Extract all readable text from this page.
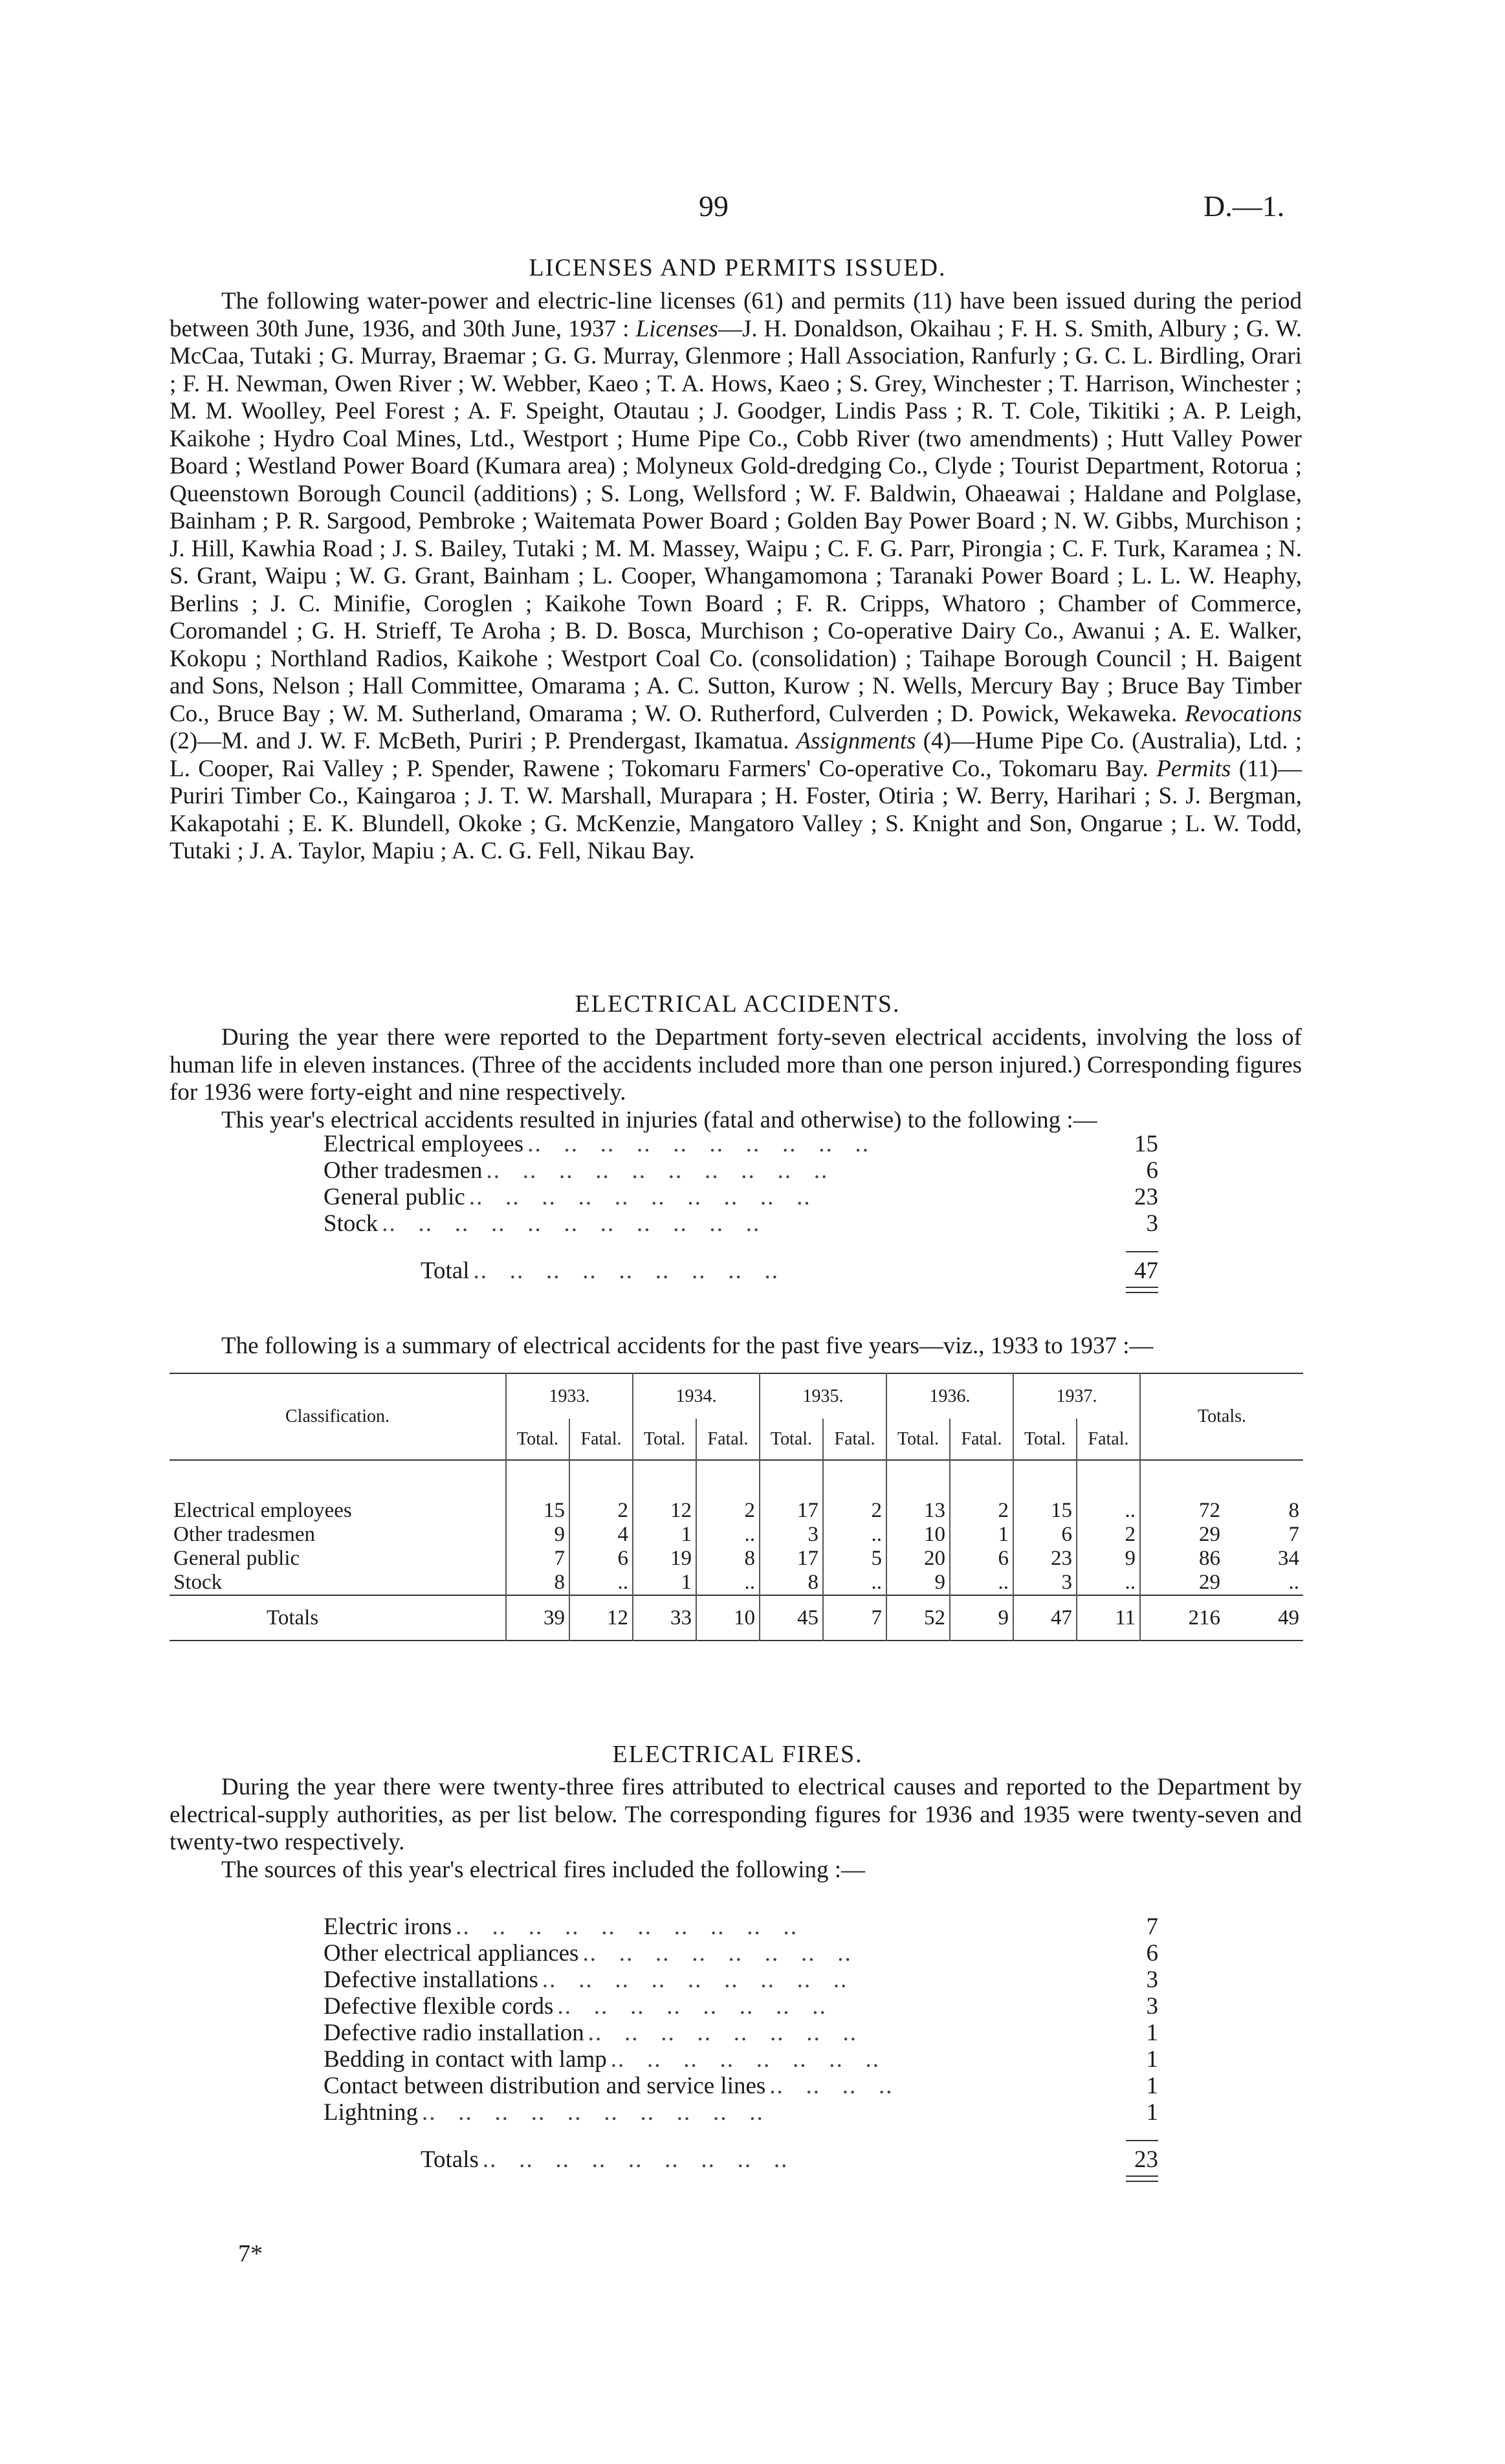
99	D.—1.
LICENSES AND PERMITS ISSUED.

The following water-power and electric-line licenses (61) and permits (11) have been issued during the period between 30th June, 1936, and 30th June, 1937 : Licenses—J. H. Donaldson, Okaihau ; F. H. S. Smith, Albury ; G. W. McCaa, Tutaki ; G. Murray, Braemar ; G. G. Murray, Glenmore ; Hall Association, Ranfurly ; G. C. L. Birdling, Orari ; F. H. Newman, Owen River ; W. Webber, Kaeo ; T. A. Hows, Kaeo ; S. Grey, Winchester ; T. Harrison, Winchester ; M. M. Woolley, Peel Forest ; A. F. Speight, Otautau ; J. Goodger, Lindis Pass ; R. T. Cole, Tikitiki ; A. P. Leigh, Kaikohe ; Hydro Coal Mines, Ltd., Westport ; Hume Pipe Co., Cobb River (two amendments) ; Hutt Valley Power Board ; Westland Power Board (Kumara area) ; Molyneux Gold-dredging Co., Clyde ; Tourist Department, Rotorua ; Queenstown Borough Council (additions) ; S. Long, Wellsford ; W. F. Baldwin, Ohaeawai ; Haldane and Polglase, Bainham ; P. R. Sargood, Pembroke ; Waitemata Power Board ; Golden Bay Power Board ; N. W. Gibbs, Murchison ; J. Hill, Kawhia Road ; J. S. Bailey, Tutaki ; M. M. Massey, Waipu ; C. F. G. Parr, Pirongia ; C. F. Turk, Karamea ; N. S. Grant, Waipu ; W. G. Grant, Bainham ; L. Cooper, Whangamomona ; Taranaki Power Board ; L. L. W. Heaphy, Berlins ; J. C. Minifie, Coroglen ; Kaikohe Town Board ; F. R. Cripps, Whatoro ; Chamber of Commerce, Coromandel ; G. H. Strieff, Te Aroha ; B. D. Bosca, Murchison ; Co-operative Dairy Co., Awanui ; A. E. Walker, Kokopu ; Northland Radios, Kaikohe ; Westport Coal Co. (consolidation) ; Taihape Borough Council ; H. Baigent and Sons, Nelson ; Hall Committee, Omarama ; A. C. Sutton, Kurow ; N. Wells, Mercury Bay ; Bruce Bay Timber Co., Bruce Bay ; W. M. Sutherland, Omarama ; W. O. Rutherford, Culverden ; D. Powick, Wekaweka. Revocations (2)—M. and J. W. F. McBeth, Puriri ; P. Prendergast, Ikamatua. Assignments (4)—Hume Pipe Co. (Australia), Ltd. ; L. Cooper, Rai Valley ; P. Spender, Rawene ; Tokomaru Farmers' Co-operative Co., Tokomaru Bay. Permits (11)—Puriri Timber Co., Kaingaroa ; J. T. W. Marshall, Murapara ; H. Foster, Otiria ; W. Berry, Harihari ; S. J. Bergman, Kakapotahi ; E. K. Blundell, Okoke ; G. McKenzie, Mangatoro Valley ; S. Knight and Son, Ongarue ; L. W. Todd, Tutaki ; J. A. Taylor, Mapiu ; A. C. G. Fell, Nikau Bay.

ELECTRICAL ACCIDENTS.

During the year there were reported to the Department forty-seven electrical accidents, involving the loss of human life in eleven instances. (Three of the accidents included more than one person injured.) Corresponding figures for 1936 were forty-eight and nine respectively.

This year's electrical accidents resulted in injuries (fatal and otherwise) to the following :—

Electrical employees ..   ..   ..   ..   ..   ..   ..   ..   ..   ..	15
Other tradesmen ..   ..   ..   ..   ..   ..   ..   ..   ..   ..	6
General public ..   ..   ..   ..   ..   ..   ..   ..   ..   ..	23
Stock ..   ..   ..   ..   ..   ..   ..   ..   ..   ..   ..	3
Total ..   ..   ..   ..   ..   ..   ..   ..   ..	47

The following is a summary of electrical accidents for the past five years—viz., 1933 to 1937 :—

Classification.	1933.		1934.		1935.		1936.		1937.		Totals.	
	Total.	Fatal.	Total.	Fatal.	Total.	Fatal.	Total.	Fatal.	Total.	Fatal.		

Electrical employees	15	2	12	2	17	2	13	2	15	..	72	8
Other tradesmen	9	4	1	..	3	..	10	1	6	2	29	7
General public	7	6	19	8	17	5	20	6	23	9	86	34
Stock	8	..	1	..	8	..	9	..	3	..	29	..
Totals	39	12	33	10	45	7	52	9	47	11	216	49
ELECTRICAL FIRES.

During the year there were twenty-three fires attributed to electrical causes and reported to the Department by electrical-supply authorities, as per list below. The corresponding figures for 1936 and 1935 were twenty-seven and twenty-two respectively.

The sources of this year's electrical fires included the following :—

Electric irons ..   ..   ..   ..   ..   ..   ..   ..   ..   ..	7
Other electrical appliances ..   ..   ..   ..   ..   ..   ..   ..	6
Defective installations ..   ..   ..   ..   ..   ..   ..   ..   ..	3
Defective flexible cords ..   ..   ..   ..   ..   ..   ..   ..	3
Defective radio installation ..   ..   ..   ..   ..   ..   ..   ..	1
Bedding in contact with lamp ..   ..   ..   ..   ..   ..   ..   ..	1
Contact between distribution and service lines ..   ..   ..   ..	1
Lightning ..   ..   ..   ..   ..   ..   ..   ..   ..   ..	1
Totals ..   ..   ..   ..   ..   ..   ..   ..   ..	23
7*
